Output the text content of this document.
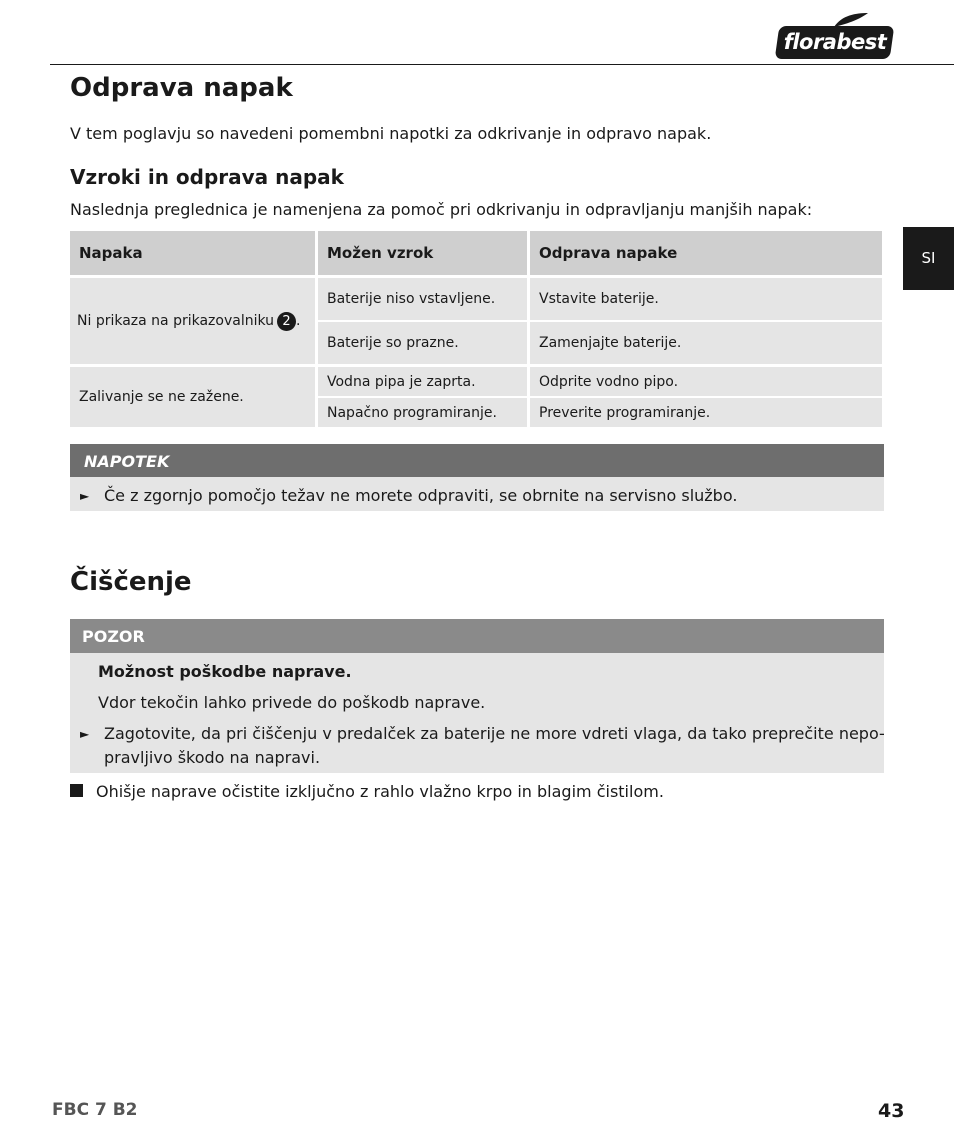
florabest
SI
Odprava napak
V tem poglavju so navedeni pomembni napotki za odkrivanje in odpravo napak.
Vzroki in odprava napak
Naslednja preglednica je namenjena za pomoč pri odkrivanju in odpravljanju manjših napak:
Napaka	Možen vzrok	Odprava napake
Ni prikaza na prikazovalniku 2 .
Baterije niso vstavljene.	Vstavite baterije.
Baterije so prazne.	Zamenjajte baterije.
Zalivanje se ne zažene.
Vodna pipa je zaprta.	Odprite vodno pipo.
Napačno programiranje.	Preverite programiranje.
NAPOTEK
► Če z zgornjo pomočjo težav ne morete odpraviti, se obrnite na servisno službo.
Čiščenje
POZOR
Možnost poškodbe naprave.
Vdor tekočin lahko privede do poškodb naprave.
► Zagotovite, da pri čiščenju v predalček za baterije ne more vdreti vlaga, da tako preprečite nepo-
pravljivo škodo na napravi.
Ohišje naprave očistite izključno z rahlo vlažno krpo in blagim čistilom.
FBC 7 B2	43
